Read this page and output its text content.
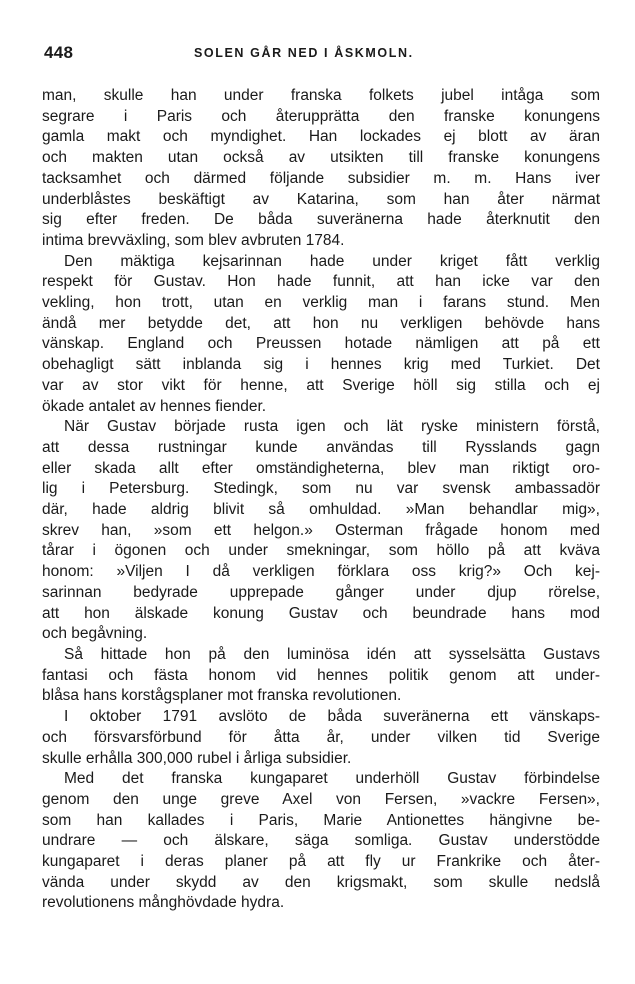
448	SOLEN GÅR NED I ÅSKMOLN.
man, skulle han under franska folkets jubel intåga som
segrare i Paris och återupprätta den franske konungens
gamla makt och myndighet. Han lockades ej blott av äran
och makten utan också av utsikten till franske konungens
tacksamhet och därmed följande subsidier m. m. Hans iver
underblåstes beskäftigt av Katarina, som han åter närmat
sig efter freden. De båda suveränerna hade återknutit den
intima brevväxling, som blev avbruten 1784.
Den mäktiga kejsarinnan hade under kriget fått verklig
respekt för Gustav. Hon hade funnit, att han icke var den
vekling, hon trott, utan en verklig man i farans stund. Men
ändå mer betydde det, att hon nu verkligen behövde hans
vänskap. England och Preussen hotade nämligen att på ett
obehagligt sätt inblanda sig i hennes krig med Turkiet. Det
var av stor vikt för henne, att Sverige höll sig stilla och ej
ökade antalet av hennes fiender.
När Gustav började rusta igen och lät ryske ministern förstå,
att dessa rustningar kunde användas till Rysslands gagn
eller skada allt efter omständigheterna, blev man riktigt oro-
lig i Petersburg. Stedingk, som nu var svensk ambassadör
där, hade aldrig blivit så omhuldad. »Man behandlar mig»,
skrev han, »som ett helgon.» Osterman frågade honom med
tårar i ögonen och under smekningar, som höllo på att kväva
honom: »Viljen I då verkligen förklara oss krig?» Och kej-
sarinnan bedyrade upprepade gånger under djup rörelse,
att hon älskade konung Gustav och beundrade hans mod
och begåvning.
Så hittade hon på den luminösa idén att sysselsätta Gustavs
fantasi och fästa honom vid hennes politik genom att under-
blåsa hans korstågsplaner mot franska revolutionen.
I oktober 1791 avslöto de båda suveränerna ett vänskaps-
och försvarsförbund för åtta år, under vilken tid Sverige
skulle erhålla 300,000 rubel i årliga subsidier.
Med det franska kungaparet underhöll Gustav förbindelse
genom den unge greve Axel von Fersen, »vackre Fersen»,
som han kallades i Paris, Marie Antionettes hängivne be-
undrare — och älskare, säga somliga. Gustav understödde
kungaparet i deras planer på att fly ur Frankrike och åter-
vända under skydd av den krigsmakt, som skulle nedslå
revolutionens månghövdade hydra.
